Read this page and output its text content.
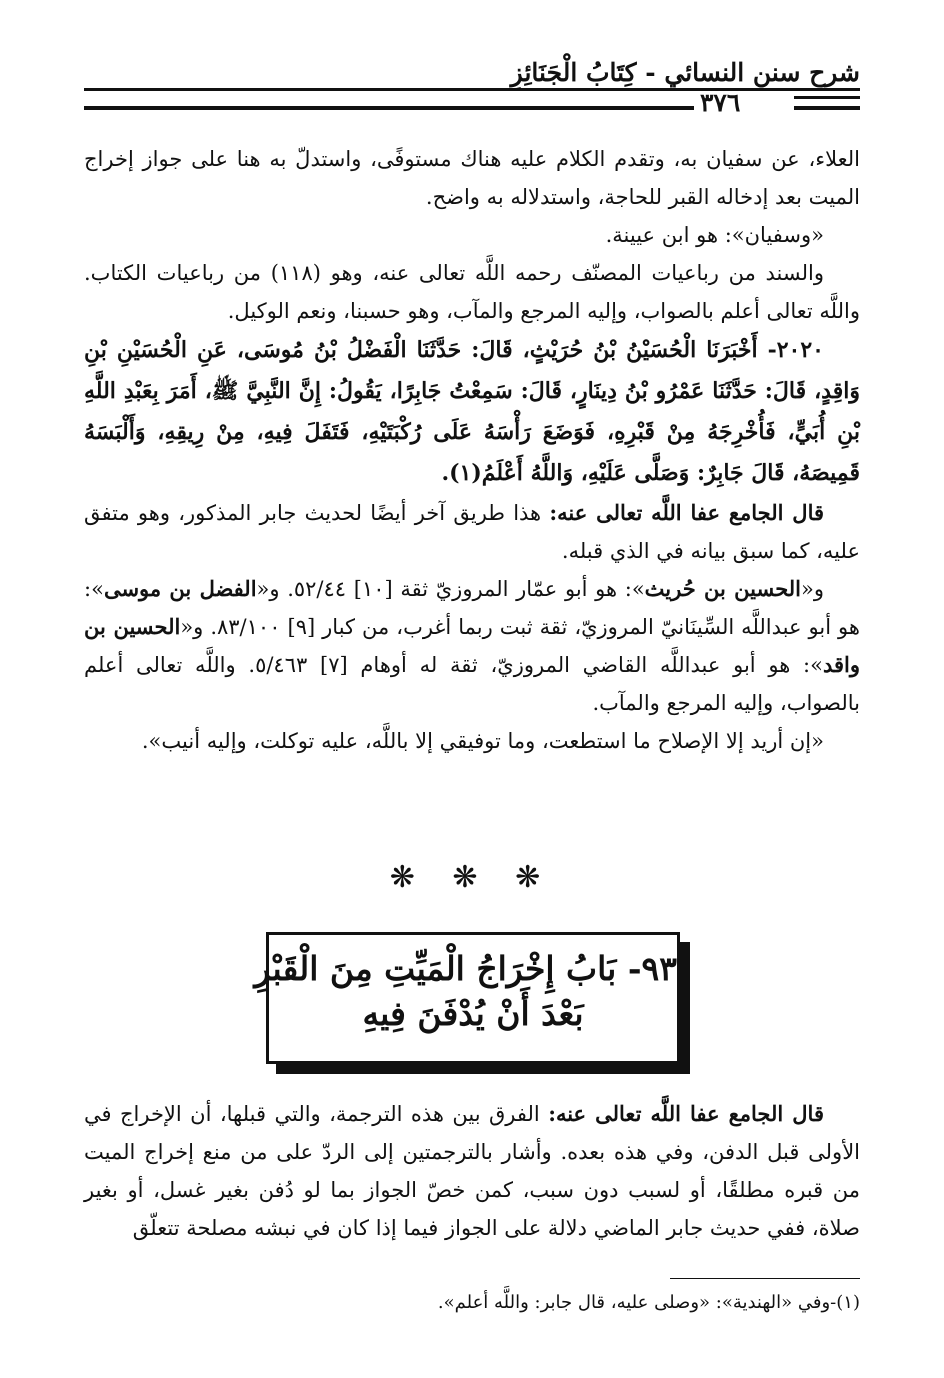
شرح سنن النسائي - كِتَابُ الْجَنَائِزِ
٣٧٦

العلاء، عن سفيان به، وتقدم الكلام عليه هناك مستوفًى، واستدلّ به هنا على جواز إخراج الميت بعد إدخاله القبر للحاجة، واستدلاله به واضح.

«وسفيان»: هو ابن عيينة.

والسند من رباعيات المصنّف رحمه اللَّه تعالى عنه، وهو (١١٨) من رباعيات الكتاب. واللَّه تعالى أعلم بالصواب، وإليه المرجع والمآب، وهو حسبنا، ونعم الوكيل.

٢٠٢٠- أَخْبَرَنَا الْحُسَيْنُ بْنُ حُرَيْثٍ، قَالَ: حَدَّثَنَا الْفَضْلُ بْنُ مُوسَى، عَنِ الْحُسَيْنِ بْنِ وَاقِدٍ، قَالَ: حَدَّثَنَا عَمْرُو بْنُ دِينَارٍ، قَالَ: سَمِعْتُ جَابِرًا، يَقُولُ: إِنَّ النَّبِيَّ ﷺ، أَمَرَ بِعَبْدِ اللَّهِ بْنِ أُبَيٍّ، فَأُخْرِجَهُ مِنْ قَبْرِهِ، فَوَضَعَ رَأْسَهُ عَلَى رُكْبَتَيْهِ، فَتَفَلَ فِيهِ، مِنْ رِيقِهِ، وَأَلْبَسَهُ قَمِيصَهُ، قَالَ جَابِرٌ: وَصَلَّى عَلَيْهِ، وَاللَّهُ أَعْلَمُ(١).

قال الجامع عفا اللَّه تعالى عنه: هذا طريق آخر أيضًا لحديث جابر المذكور، وهو متفق عليه، كما سبق بيانه في الذي قبله.

و«الحسين بن حُريث»: هو أبو عمّار المروزيّ ثقة [١٠] ٥٢/٤٤. و«الفضل بن موسى»: هو أبو عبداللَّه السِّينَانيّ المروزيّ، ثقة ثبت ربما أغرب، من كبار [٩] ٨٣/١٠٠. و«الحسين بن واقد»: هو أبو عبداللَّه القاضي المروزيّ، ثقة له أوهام [٧] ٥/٤٦٣. واللَّه تعالى أعلم بالصواب، وإليه المرجع والمآب.

«إن أريد إلا الإصلاح ما استطعت، وما توفيقي إلا باللَّه، عليه توكلت، وإليه أنيب».

❋ ❋ ❋
٩٣- بَابُ إِخْرَاجُ الْمَيِّتِ مِنَ الْقَبْرِ
بَعْدَ أَنْ يُدْفَنَ فِيهِ

قال الجامع عفا اللَّه تعالى عنه: الفرق بين هذه الترجمة، والتي قبلها، أن الإخراج في الأولى قبل الدفن، وفي هذه بعده. وأشار بالترجمتين إلى الردّ على من منع إخراج الميت من قبره مطلقًا، أو لسبب دون سبب، كمن خصّ الجواز بما لو دُفن بغير غسل، أو بغير صلاة، ففي حديث جابر الماضي دلالة على الجواز فيما إذا كان في نبشه مصلحة تتعلّق

(١)-وفي «الهندية»: «وصلى عليه، قال جابر: واللَّه أعلم».
